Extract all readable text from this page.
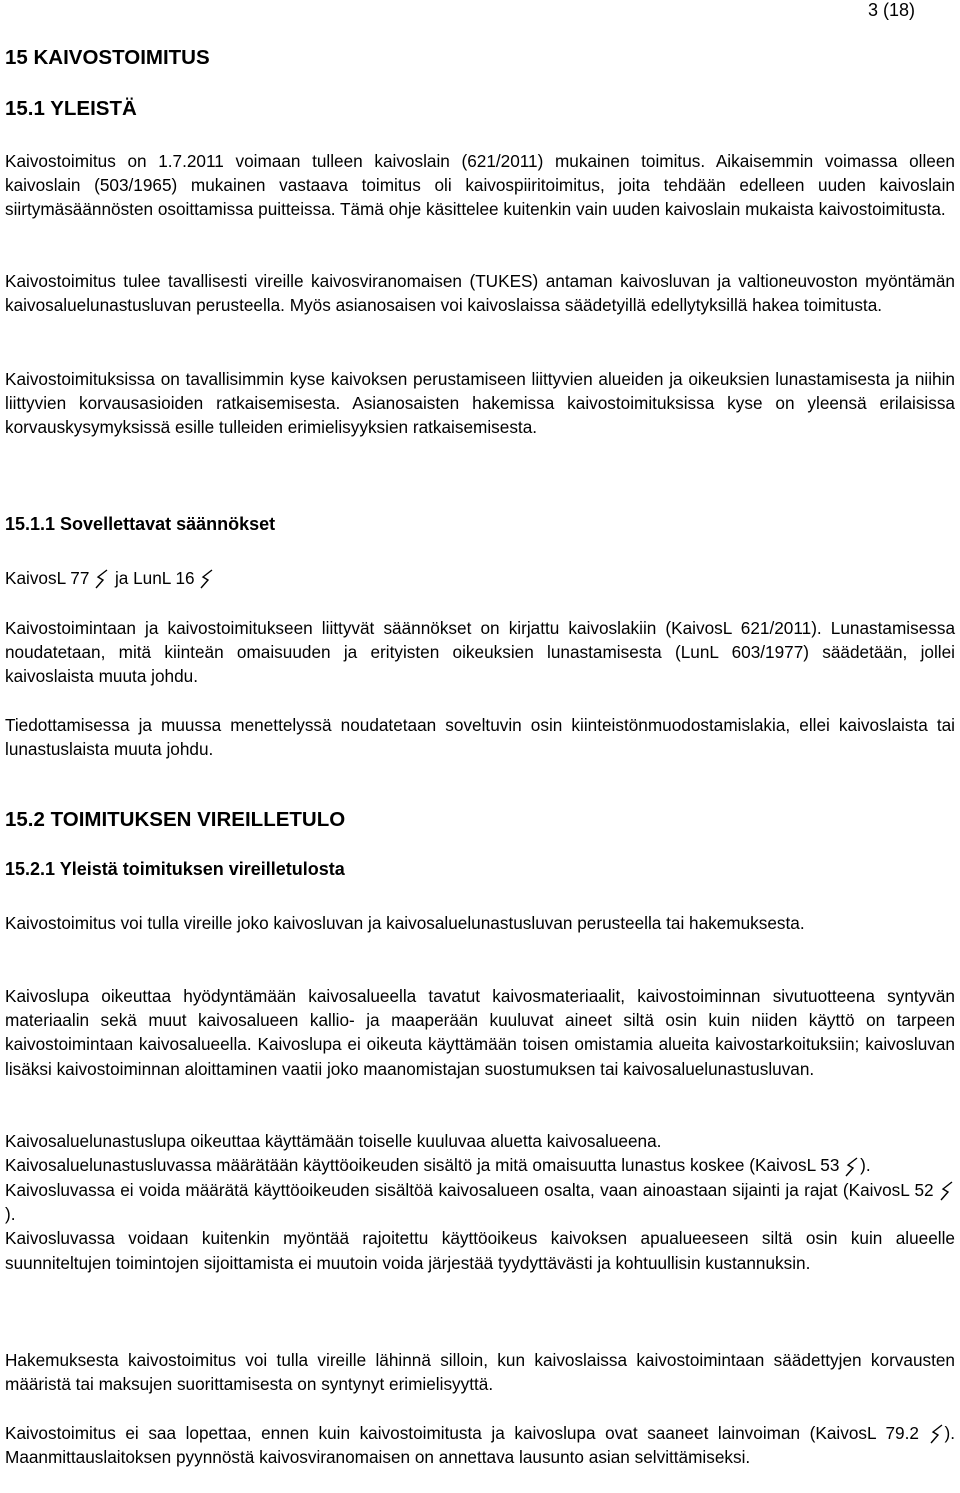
3 (18)
15 KAIVOSTOIMITUS
15.1 YLEISTÄ

Kaivostoimitus on 1.7.2011 voimaan tulleen kaivoslain (621/2011) mukainen toimitus. Aikaisemmin voimassa olleen kaivoslain (503/1965) mukainen vastaava toimitus oli kaivospiiritoimitus, joita tehdään edelleen uuden kaivoslain siirtymäsäännösten osoittamissa puitteissa. Tämä ohje käsittelee kuitenkin vain uuden kaivoslain mukaista kaivostoimitusta.

Kaivostoimitus tulee tavallisesti vireille kaivosviranomaisen (TUKES) antaman kaivosluvan ja valtioneuvoston myöntämän kaivosaluelunastusluvan perusteella. Myös asianosaisen voi kaivoslaissa säädetyillä edellytyksillä hakea toimitusta.

Kaivostoimituksissa on tavallisimmin kyse kaivoksen perustamiseen liittyvien alueiden ja oikeuksien lunastamisesta ja niihin liittyvien korvausasioiden ratkaisemisesta. Asianosaisten hakemissa kaivostoimituksissa kyse on yleensä erilaisissa korvauskysymyksissä esille tulleiden erimielisyyksien ratkaisemisesta.

15.1.1 Sovellettavat säännökset

KaivosL 77
ja LunL 16

Kaivostoimintaan ja kaivostoimitukseen liittyvät säännökset on kirjattu kaivoslakiin (KaivosL 621/2011). Lunastamisessa noudatetaan, mitä kiinteän omaisuuden ja erityisten oikeuksien lunastamisesta (LunL 603/1977) säädetään, jollei kaivoslaista muuta johdu.

Tiedottamisessa ja muussa menettelyssä noudatetaan soveltuvin osin kiinteistönmuodostamislakia, ellei kaivoslaista tai lunastuslaista muuta johdu.

15.2 TOIMITUKSEN VIREILLETULO
15.2.1 Yleistä toimituksen vireilletulosta

Kaivostoimitus voi tulla vireille joko kaivosluvan ja kaivosaluelunastusluvan perusteella tai hakemuksesta.

Kaivoslupa oikeuttaa hyödyntämään kaivosalueella tavatut kaivosmateriaalit, kaivostoiminnan sivutuotteena syntyvän materiaalin sekä muut kaivosalueen kallio- ja maaperään kuuluvat aineet siltä osin kuin niiden käyttö on tarpeen kaivostoimintaan kaivosalueella. Kaivoslupa ei oikeuta käyttämään toisen omistamia alueita kaivostarkoituksiin; kaivosluvan lisäksi kaivostoiminnan aloittaminen vaatii joko maanomistajan suostumuksen tai kaivosaluelunastusluvan.

Kaivosaluelunastuslupa oikeuttaa käyttämään toiselle kuuluvaa aluetta kaivosalueena.
Kaivosaluelunastusluvassa määrätään käyttöoikeuden sisältö ja mitä omaisuutta lunastus koskee (KaivosL 53 ).
Kaivosluvassa ei voida määrätä käyttöoikeuden sisältöä kaivosalueen osalta, vaan ainoastaan sijainti ja rajat (KaivosL 52
).
Kaivosluvassa voidaan kuitenkin myöntää rajoitettu käyttöoikeus kaivoksen apualueeseen siltä osin kuin alueelle suunniteltujen toimintojen sijoittamista ei muutoin voida järjestää tyydyttävästi ja kohtuullisin kustannuksin.

Hakemuksesta kaivostoimitus voi tulla vireille lähinnä silloin, kun kaivoslaissa kaivostoimintaan säädettyjen korvausten määristä tai maksujen suorittamisesta on syntynyt erimielisyyttä.

Kaivostoimitus ei saa lopettaa, ennen kuin kaivostoimitusta ja kaivoslupa ovat saaneet lainvoiman (KaivosL 79.2 ). Maanmittauslaitoksen pyynnöstä kaivosviranomaisen on annettava lausunto asian selvittämiseksi.
